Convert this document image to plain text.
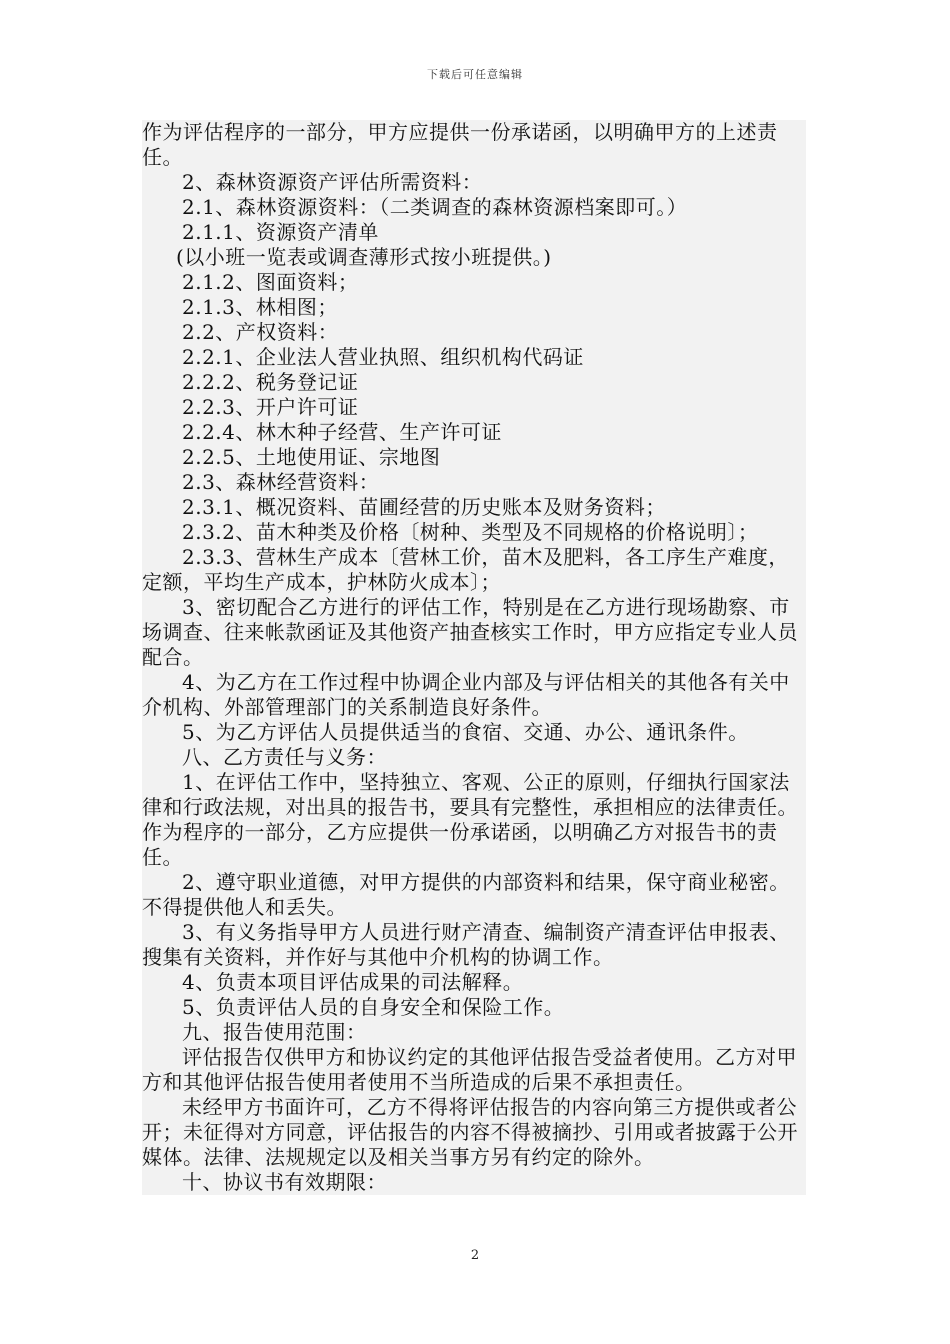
下载后可任意编辑

作为评估程序的一部分，甲方应提供一份承诺函，以明确甲方的上述责任。

2、森林资源资产评估所需资料：

2.1、森林资源资料：（二类调查的森林资源档案即可。）

2.1.1、资源资产清单

(以小班一览表或调查薄形式按小班提供。)

2.1.2、图面资料；

2.1.3、林相图；

2.2、产权资料：

2.2.1、企业法人营业执照、组织机构代码证

2.2.2、税务登记证

2.2.3、开户许可证

2.2.4、林木种子经营、生产许可证

2.2.5、土地使用证、宗地图

2.3、森林经营资料：

2.3.1、概况资料、苗圃经营的历史账本及财务资料；

2.3.2、苗木种类及价格〔树种、类型及不同规格的价格说明〕；

2.3.3、营林生产成本〔营林工价，苗木及肥料，各工序生产难度，定额，平均生产成本，护林防火成本〕；

3、密切配合乙方进行的评估工作，特别是在乙方进行现场勘察、市场调查、往来帐款函证及其他资产抽查核实工作时，甲方应指定专业人员配合。

4、为乙方在工作过程中协调企业内部及与评估相关的其他各有关中介机构、外部管理部门的关系制造良好条件。

5、为乙方评估人员提供适当的食宿、交通、办公、通讯条件。

八、乙方责任与义务：

1、在评估工作中，坚持独立、客观、公正的原则，仔细执行国家法律和行政法规，对出具的报告书，要具有完整性，承担相应的法律责任。作为程序的一部分，乙方应提供一份承诺函，以明确乙方对报告书的责任。

2、遵守职业道德，对甲方提供的内部资料和结果，保守商业秘密。不得提供他人和丢失。

3、有义务指导甲方人员进行财产清查、编制资产清查评估申报表、搜集有关资料，并作好与其他中介机构的协调工作。

4、负责本项目评估成果的司法解释。

5、负责评估人员的自身安全和保险工作。

九、报告使用范围：

评估报告仅供甲方和协议约定的其他评估报告受益者使用。乙方对甲方和其他评估报告使用者使用不当所造成的后果不承担责任。

未经甲方书面许可，乙方不得将评估报告的内容向第三方提供或者公开；未征得对方同意，评估报告的内容不得被摘抄、引用或者披露于公开媒体。法律、法规规定以及相关当事方另有约定的除外。

十、协议书有效期限：

2
